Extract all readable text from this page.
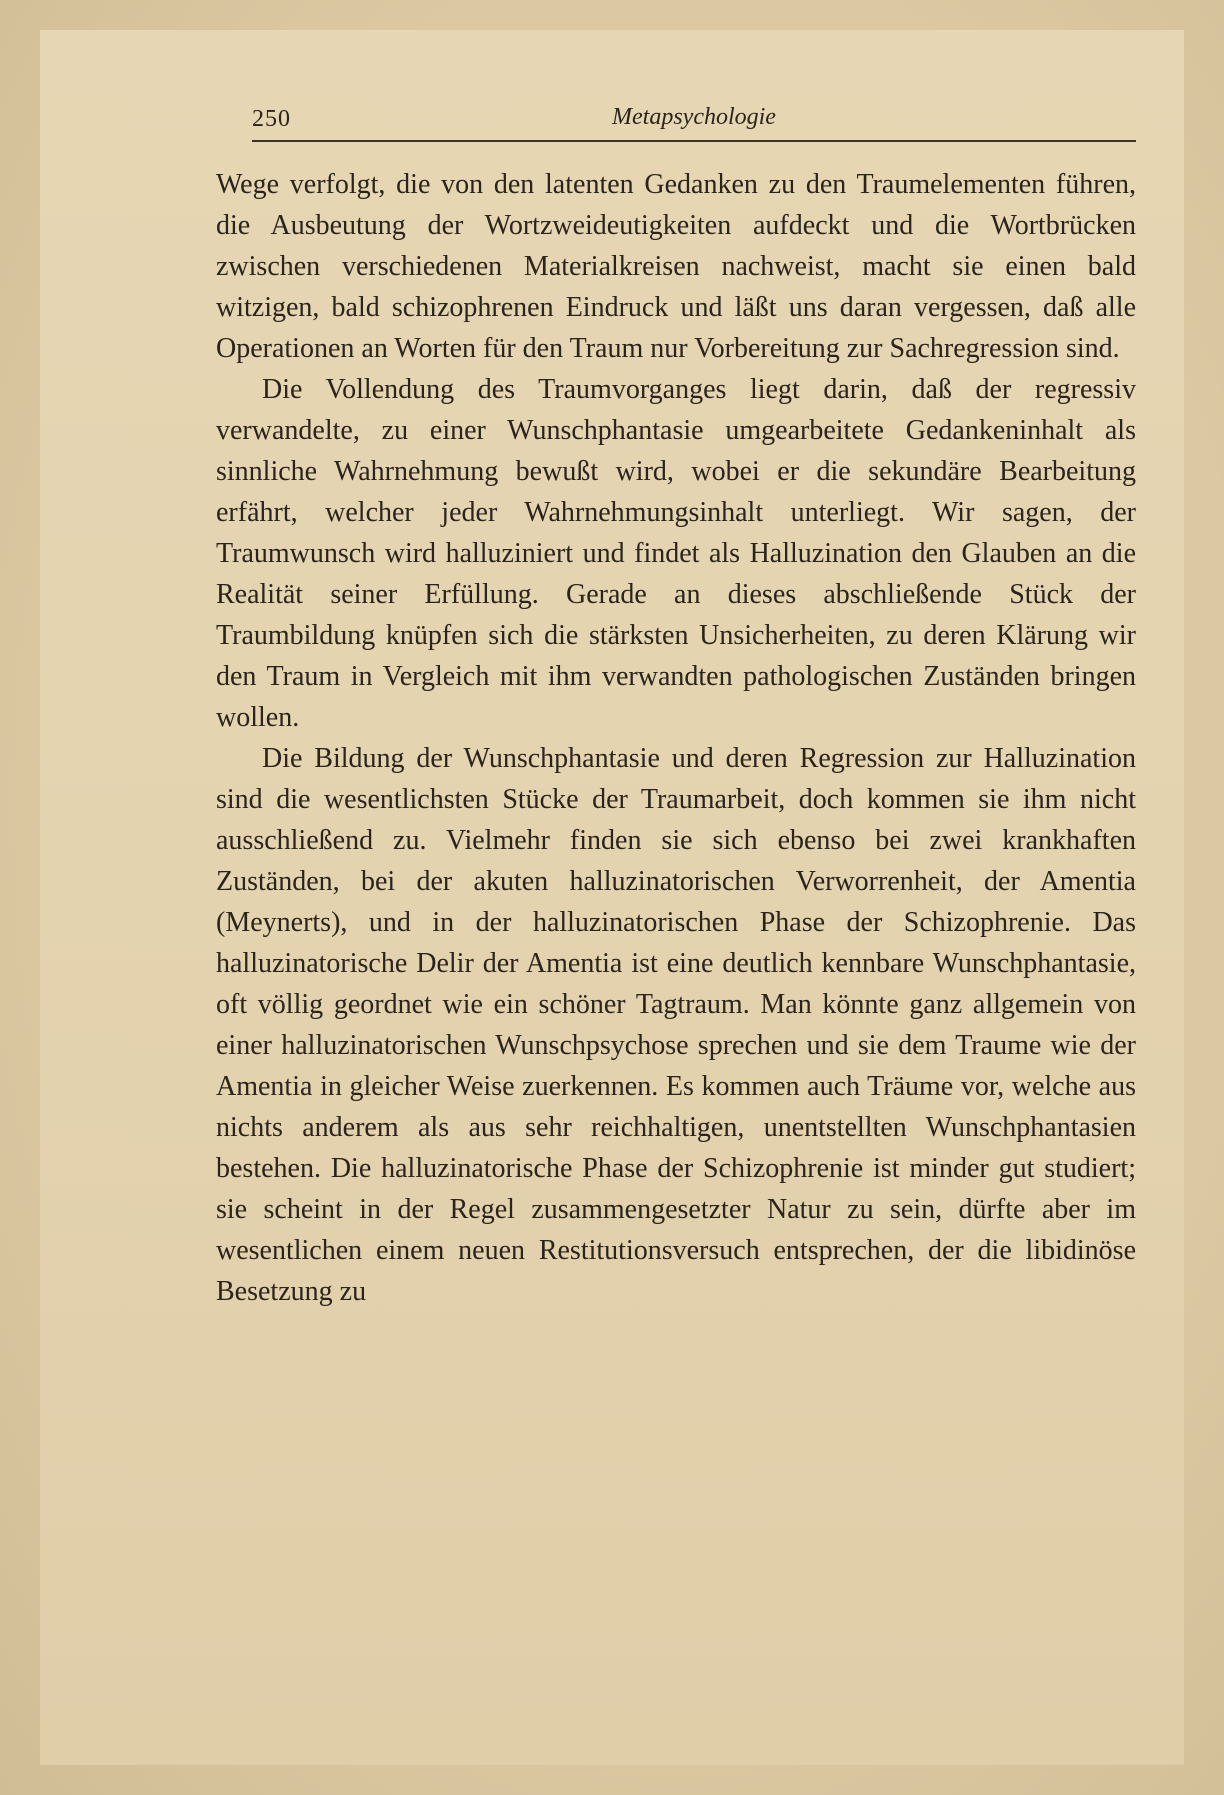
250	Metapsychologie

Wege verfolgt, die von den latenten Gedanken zu den Traumelementen führen, die Ausbeutung der Wortzweideutigkeiten aufdeckt und die Wortbrücken zwischen verschiedenen Materialkreisen nachweist, macht sie einen bald witzigen, bald schizophrenen Eindruck und läßt uns daran vergessen, daß alle Operationen an Worten für den Traum nur Vorbereitung zur Sachregression sind.

Die Vollendung des Traumvorganges liegt darin, daß der regressiv verwandelte, zu einer Wunschphantasie umgearbeitete Gedankeninhalt als sinnliche Wahrnehmung bewußt wird, wobei er die sekundäre Bearbeitung erfährt, welcher jeder Wahrnehmungsinhalt unterliegt. Wir sagen, der Traumwunsch wird halluziniert und findet als Halluzination den Glauben an die Realität seiner Erfüllung. Gerade an dieses abschließende Stück der Traumbildung knüpfen sich die stärksten Unsicherheiten, zu deren Klärung wir den Traum in Vergleich mit ihm verwandten pathologischen Zuständen bringen wollen.

Die Bildung der Wunschphantasie und deren Regression zur Halluzination sind die wesentlichsten Stücke der Traumarbeit, doch kommen sie ihm nicht ausschließend zu. Vielmehr finden sie sich ebenso bei zwei krankhaften Zuständen, bei der akuten halluzinatorischen Verworrenheit, der Amentia (Meynerts), und in der halluzinatorischen Phase der Schizophrenie. Das halluzinatorische Delir der Amentia ist eine deutlich kennbare Wunschphantasie, oft völlig geordnet wie ein schöner Tagtraum. Man könnte ganz allgemein von einer halluzinatorischen Wunschpsychose sprechen und sie dem Traume wie der Amentia in gleicher Weise zuerkennen. Es kommen auch Träume vor, welche aus nichts anderem als aus sehr reichhaltigen, unentstellten Wunschphantasien bestehen. Die halluzinatorische Phase der Schizophrenie ist minder gut studiert; sie scheint in der Regel zusammengesetzter Natur zu sein, dürfte aber im wesentlichen einem neuen Restitutionsversuch entsprechen, der die libidinöse Besetzung zu
